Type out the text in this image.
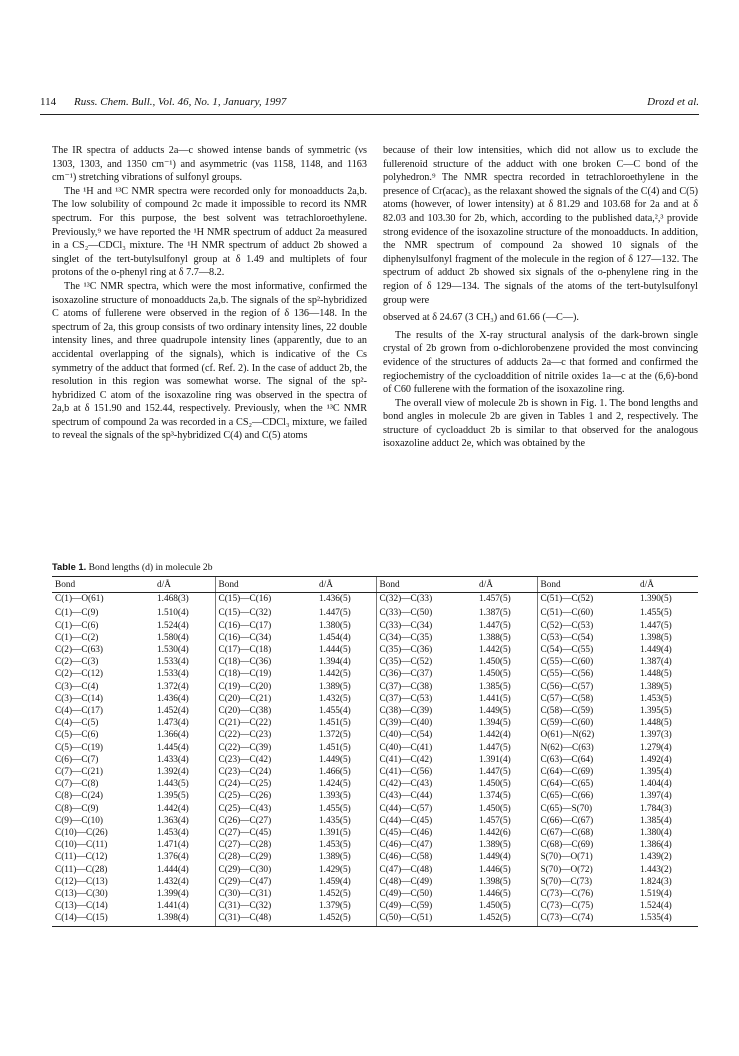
114 Russ. Chem. Bull., Vol. 46, No. 1, January, 1997	Drozd et al.

The IR spectra of adducts 2a—c showed intense bands of symmetric (νs 1303, 1303, and 1350 cm⁻¹) and asymmetric (νas 1158, 1148, and 1163 cm⁻¹) stretching vibrations of sulfonyl groups.

The ¹H and ¹³C NMR spectra were recorded only for monoadducts 2a,b. The low solubility of compound 2c made it impossible to record its NMR spectrum. For this purpose, the best solvent was tetrachloroethylene. Previously,⁹ we have reported the ¹H NMR spectrum of adduct 2a measured in a CS₂—CDCl₃ mixture. The ¹H NMR spectrum of adduct 2b showed a singlet of the tert-butylsulfonyl group at δ 1.49 and multiplets of four protons of the o-phenyl ring at δ 7.7—8.2.

The ¹³C NMR spectra, which were the most informative, confirmed the isoxazoline structure of monoadducts 2a,b. The signals of the sp²-hybridized C atoms of fullerene were observed in the region of δ 136—148. In the spectrum of 2a, this group consists of two ordinary intensity lines, 22 double intensity lines, and three quadrupole intensity lines (apparently, due to an accidental overlapping of the signals), which is indicative of the Cs symmetry of the adduct that formed (cf. Ref. 2). In the case of adduct 2b, the resolution in this region was somewhat worse. The signal of the sp²-hybridized C atom of the isoxazoline ring was observed in the spectra of 2a,b at δ 151.90 and 152.44, respectively. Previously, when the ¹³C NMR spectrum of compound 2a was recorded in a CS₂—CDCl₃ mixture, we failed to reveal the signals of the sp³-hybridized C(4) and C(5) atoms

because of their low intensities, which did not allow us to exclude the fullerenoid structure of the adduct with one broken C—C bond of the polyhedron.⁹ The NMR spectra recorded in tetrachloroethylene in the presence of Cr(acac)₃ as the relaxant showed the signals of the C(4) and C(5) atoms (however, of lower intensity) at δ 81.29 and 103.68 for 2a and at δ 82.03 and 103.30 for 2b, which, according to the published data,²,³ provide strong evidence of the isoxazoline structure of the monoadducts. In addition, the NMR spectrum of compound 2a showed 10 signals of the diphenylsulfonyl fragment of the molecule in the region of δ 127—132. The spectrum of adduct 2b showed six signals of the o-phenylene ring in the region of δ 129—134. The signals of the atoms of the tert-butylsulfonyl group were

observed at δ 24.67 (3 CH₃) and 61.66 (—C—).

The results of the X-ray structural analysis of the dark-brown single crystal of 2b grown from o-dichlorobenzene provided the most convincing evidence of the structures of adducts 2a—c that formed and confirmed the regiochemistry of the cycloaddition of nitrile oxides 1a—c at the (6,6)-bond of C60 fullerene with the formation of the isoxazoline ring.

The overall view of molecule 2b is shown in Fig. 1. The bond lengths and bond angles in molecule 2b are given in Tables 1 and 2, respectively. The structure of cycloadduct 2b is similar to that observed for the analogous isoxazoline adduct 2e, which was obtained by the

Table 1. Bond lengths (d) in molecule 2b
Bond	d/Å	Bond	d/Å	Bond	d/Å	Bond	d/Å
C(1)—O(61)	1.468(3)	C(15)—C(16)	1.436(5)	C(32)—C(33)	1.457(5)	C(51)—C(52)	1.390(5)
C(1)—C(9)	1.510(4)	C(15)—C(32)	1.447(5)	C(33)—C(50)	1.387(5)	C(51)—C(60)	1.455(5)
C(1)—C(6)	1.524(4)	C(16)—C(17)	1.380(5)	C(33)—C(34)	1.447(5)	C(52)—C(53)	1.447(5)
C(1)—C(2)	1.580(4)	C(16)—C(34)	1.454(4)	C(34)—C(35)	1.388(5)	C(53)—C(54)	1.398(5)
C(2)—C(63)	1.530(4)	C(17)—C(18)	1.444(5)	C(35)—C(36)	1.442(5)	C(54)—C(55)	1.449(4)
C(2)—C(3)	1.533(4)	C(18)—C(36)	1.394(4)	C(35)—C(52)	1.450(5)	C(55)—C(60)	1.387(4)
C(2)—C(12)	1.533(4)	C(18)—C(19)	1.442(5)	C(36)—C(37)	1.450(5)	C(55)—C(56)	1.448(5)
C(3)—C(4)	1.372(4)	C(19)—C(20)	1.389(5)	C(37)—C(38)	1.385(5)	C(56)—C(57)	1.389(5)
C(3)—C(14)	1.436(4)	C(20)—C(21)	1.432(5)	C(37)—C(53)	1.441(5)	C(57)—C(58)	1.453(5)
C(4)—C(17)	1.452(4)	C(20)—C(38)	1.455(4)	C(38)—C(39)	1.449(5)	C(58)—C(59)	1.395(5)
C(4)—C(5)	1.473(4)	C(21)—C(22)	1.451(5)	C(39)—C(40)	1.394(5)	C(59)—C(60)	1.448(5)
C(5)—C(6)	1.366(4)	C(22)—C(23)	1.372(5)	C(40)—C(54)	1.442(4)	O(61)—N(62)	1.397(3)
C(5)—C(19)	1.445(4)	C(22)—C(39)	1.451(5)	C(40)—C(41)	1.447(5)	N(62)—C(63)	1.279(4)
C(6)—C(7)	1.433(4)	C(23)—C(42)	1.449(5)	C(41)—C(42)	1.391(4)	C(63)—C(64)	1.492(4)
C(7)—C(21)	1.392(4)	C(23)—C(24)	1.466(5)	C(41)—C(56)	1.447(5)	C(64)—C(69)	1.395(4)
C(7)—C(8)	1.443(5)	C(24)—C(25)	1.424(5)	C(42)—C(43)	1.450(5)	C(64)—C(65)	1.404(4)
C(8)—C(24)	1.395(5)	C(25)—C(26)	1.393(5)	C(43)—C(44)	1.374(5)	C(65)—C(66)	1.397(4)
C(8)—C(9)	1.442(4)	C(25)—C(43)	1.455(5)	C(44)—C(57)	1.450(5)	C(65)—S(70)	1.784(3)
C(9)—C(10)	1.363(4)	C(26)—C(27)	1.435(5)	C(44)—C(45)	1.457(5)	C(66)—C(67)	1.385(4)
C(10)—C(26)	1.453(4)	C(27)—C(45)	1.391(5)	C(45)—C(46)	1.442(6)	C(67)—C(68)	1.380(4)
C(10)—C(11)	1.471(4)	C(27)—C(28)	1.453(5)	C(46)—C(47)	1.389(5)	C(68)—C(69)	1.386(4)
C(11)—C(12)	1.376(4)	C(28)—C(29)	1.389(5)	C(46)—C(58)	1.449(4)	S(70)—O(71)	1.439(2)
C(11)—C(28)	1.444(4)	C(29)—C(30)	1.429(5)	C(47)—C(48)	1.446(5)	S(70)—O(72)	1.443(2)
C(12)—C(13)	1.432(4)	C(29)—C(47)	1.459(4)	C(48)—C(49)	1.398(5)	S(70)—C(73)	1.824(3)
C(13)—C(30)	1.399(4)	C(30)—C(31)	1.452(5)	C(49)—C(50)	1.446(5)	C(73)—C(76)	1.519(4)
C(13)—C(14)	1.441(4)	C(31)—C(32)	1.379(5)	C(49)—C(59)	1.450(5)	C(73)—C(75)	1.524(4)
C(14)—C(15)	1.398(4)	C(31)—C(48)	1.452(5)	C(50)—C(51)	1.452(5)	C(73)—C(74)	1.535(4)
